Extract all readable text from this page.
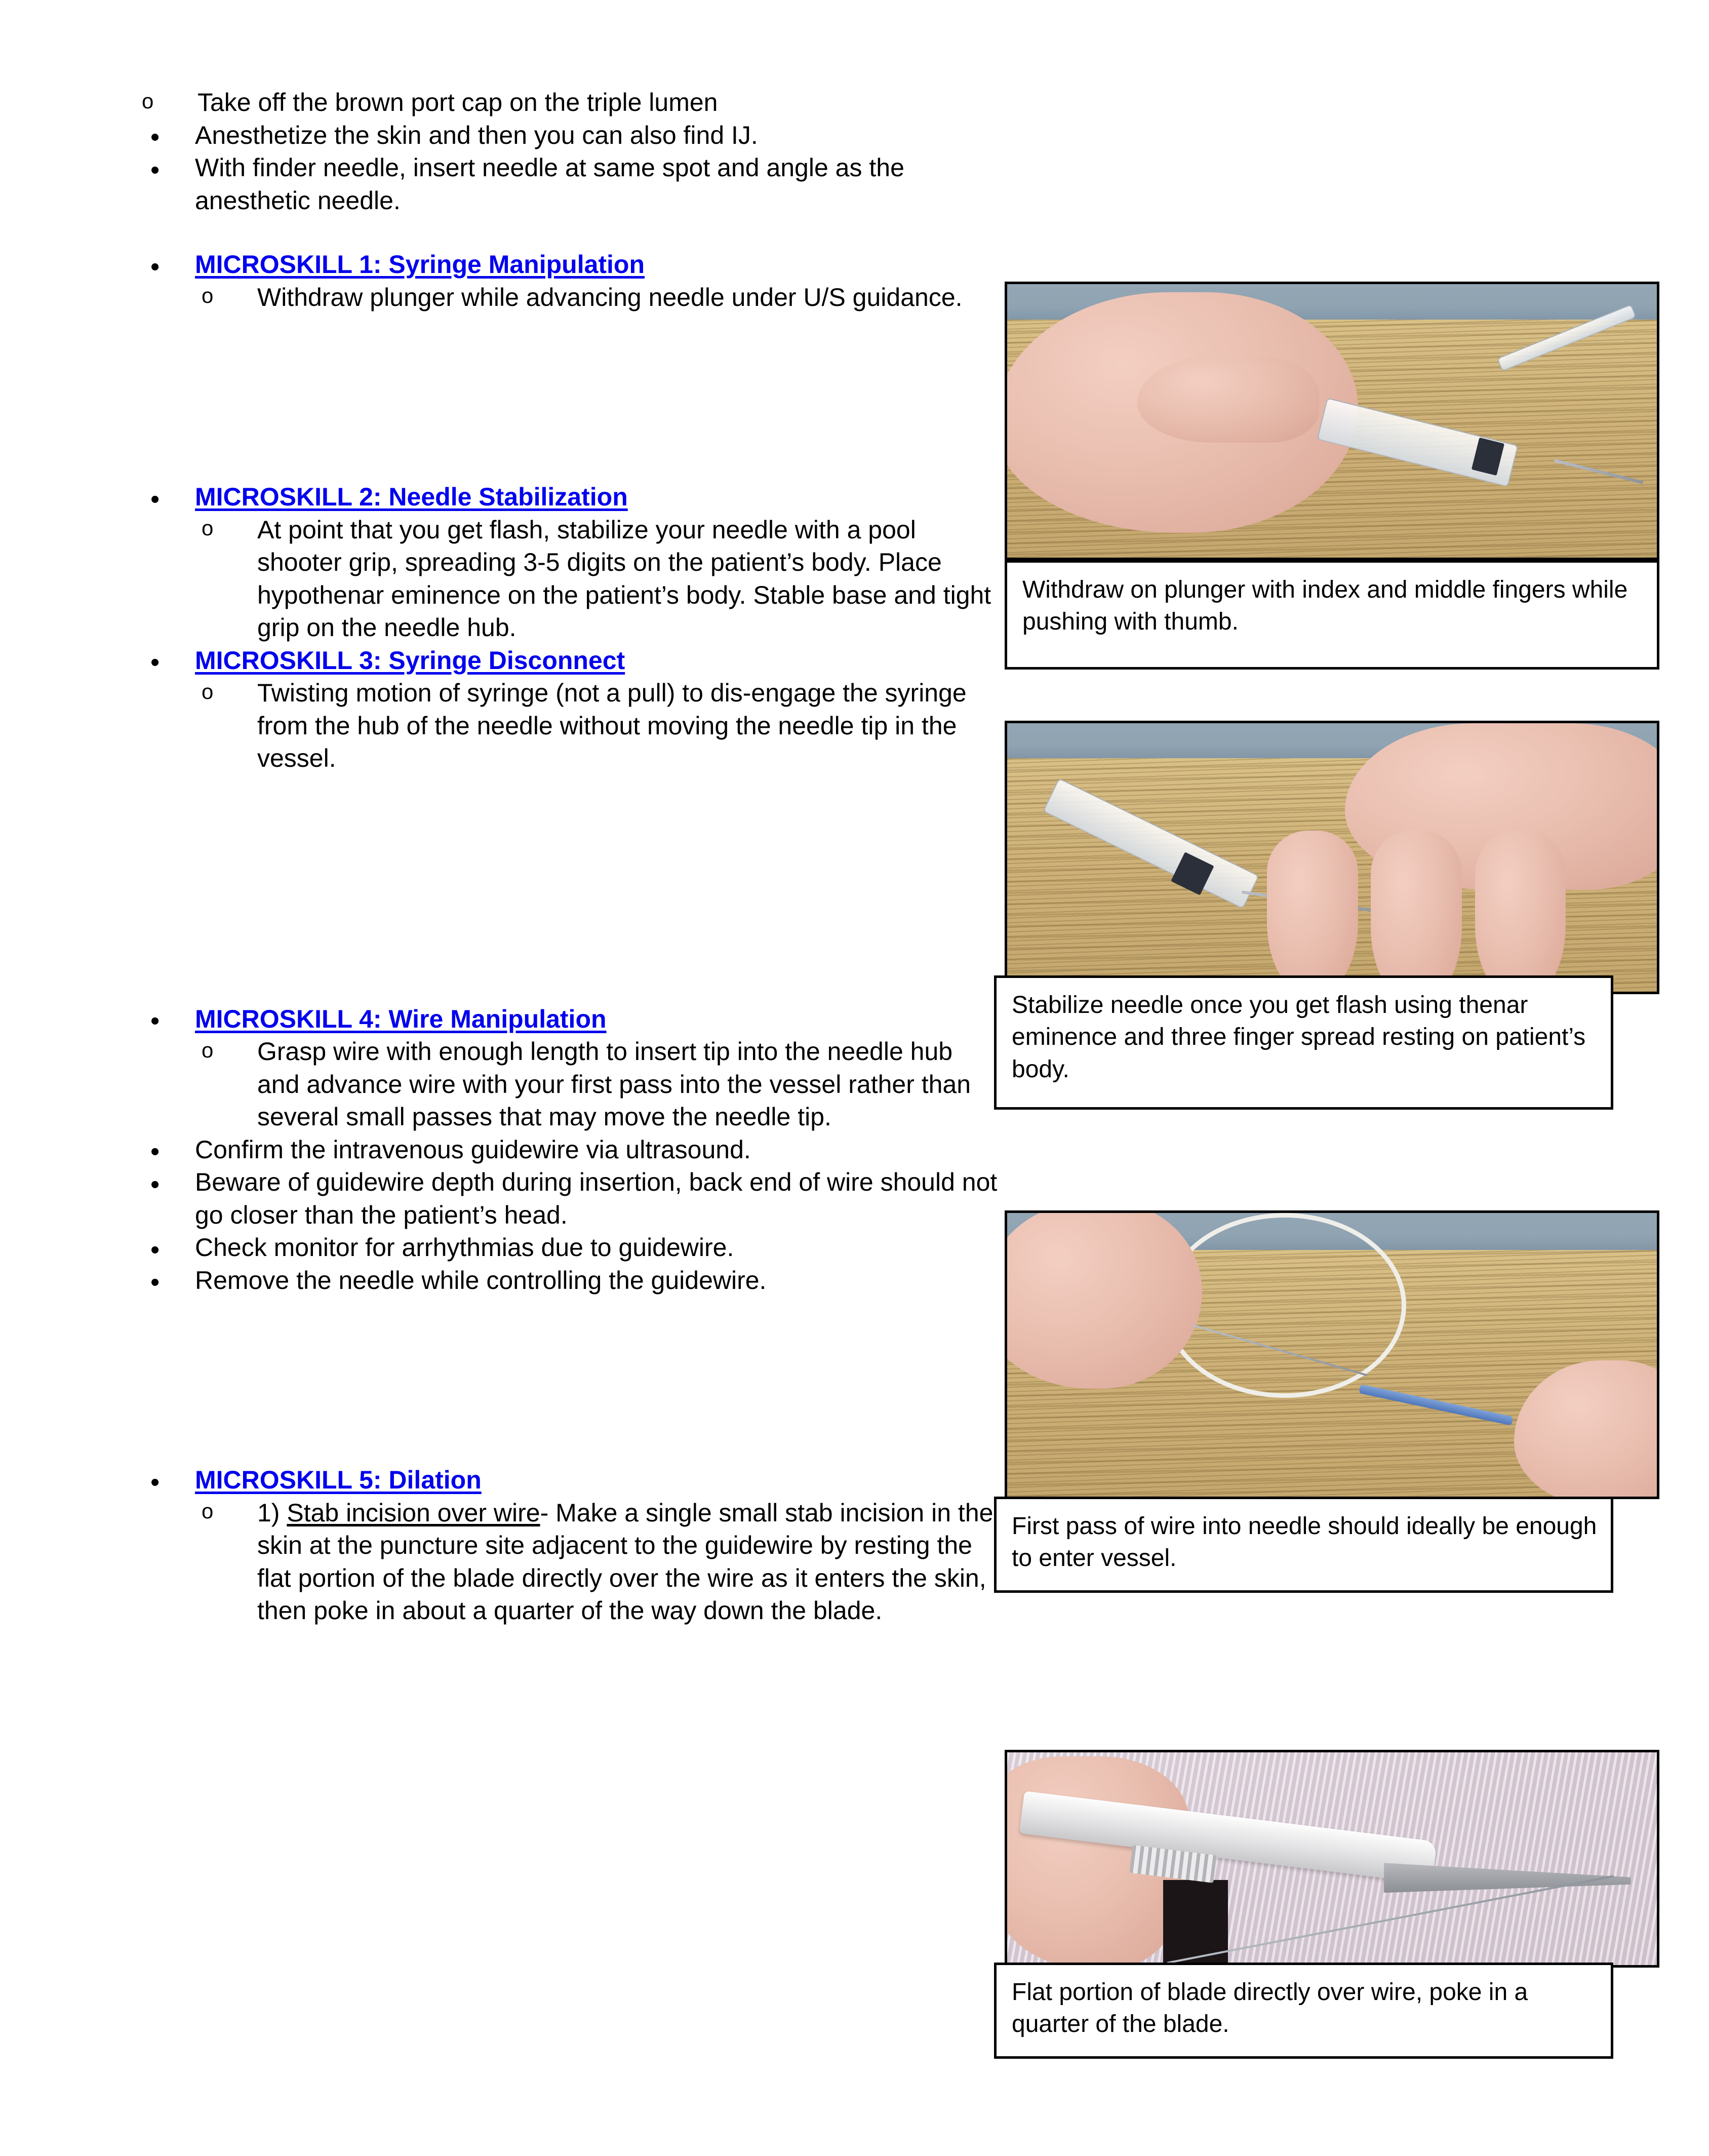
o Take off the brown port cap on the triple lumen
• Anesthetize the skin and then you can also find IJ.
• With finder needle, insert needle at same spot and angle as the anesthetic needle.
• MICROSKILL 1: Syringe Manipulation
o Withdraw plunger while advancing needle under U/S guidance.
• MICROSKILL 2: Needle Stabilization
o At point that you get flash, stabilize your needle with a pool shooter grip, spreading 3-5 digits on the patient’s body. Place hypothenar eminence on the patient’s body. Stable base and tight grip on the needle hub.
• MICROSKILL 3: Syringe Disconnect
o Twisting motion of syringe (not a pull) to dis-engage the syringe from the hub of the needle without moving the needle tip in the vessel.
• MICROSKILL 4: Wire Manipulation
o Grasp wire with enough length to insert tip into the needle hub and advance wire with your first pass into the vessel rather than several small passes that may move the needle tip.
• Confirm the intravenous guidewire via ultrasound.
• Beware of guidewire depth during insertion, back end of wire should not go closer than the patient’s head.
• Check monitor for arrhythmias due to guidewire.
• Remove the needle while controlling the guidewire.
• MICROSKILL 5: Dilation
o 1) Stab incision over wire- Make a single small stab incision in the skin at the puncture site adjacent to the guidewire by resting the flat portion of the blade directly over the wire as it enters the skin, then poke in about a quarter of the way down the blade.
Withdraw on plunger with index and middle fingers while pushing with thumb.
Stabilize needle once you get flash using thenar eminence and three finger spread resting on patient’s body.
First pass of wire into needle should ideally be enough to enter vessel.
Flat portion of blade directly over wire, poke in a quarter of the blade.
